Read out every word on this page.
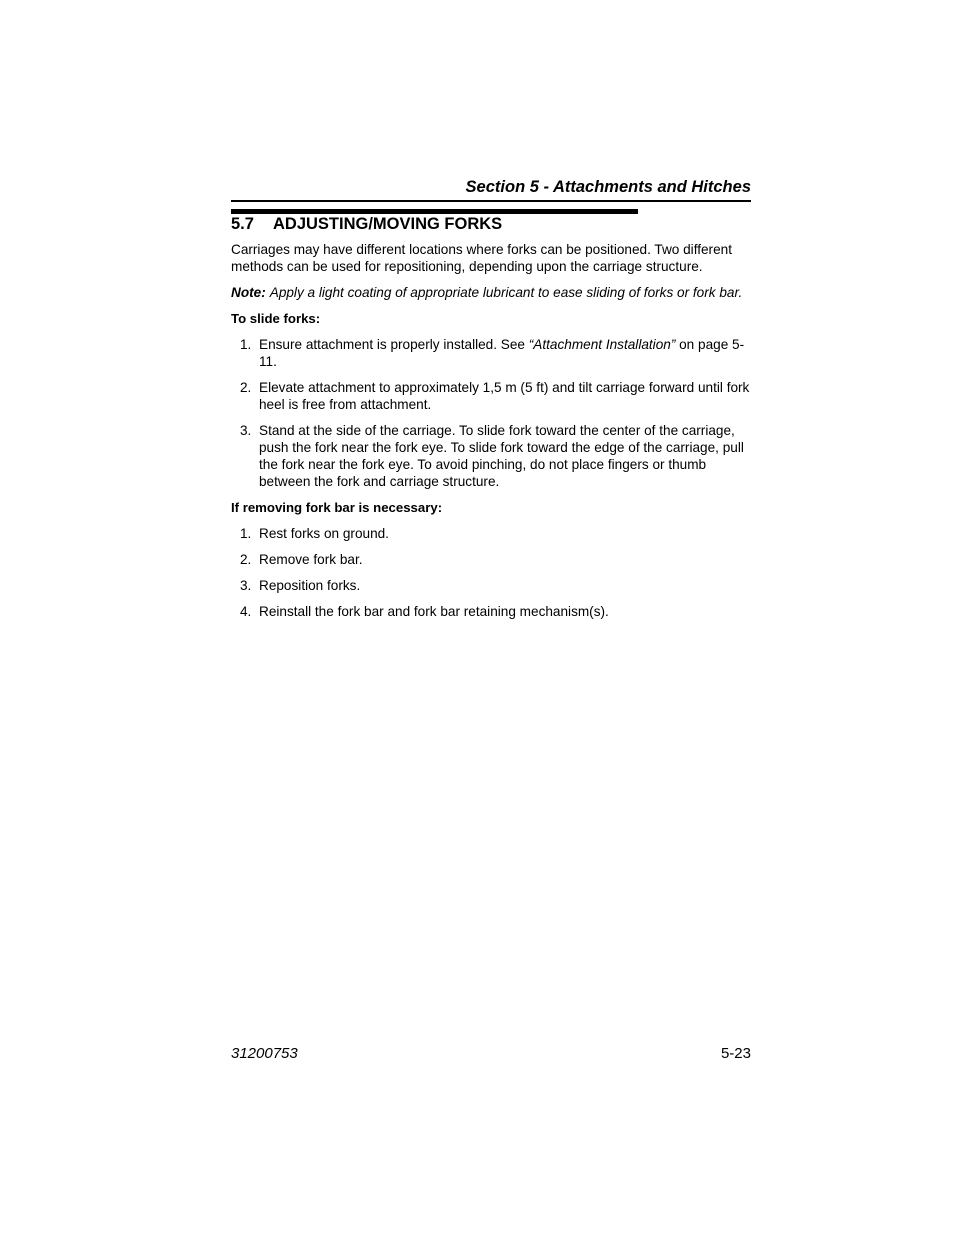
Section 5 - Attachments and Hitches
5.7 ADJUSTING/MOVING FORKS

Carriages may have different locations where forks can be positioned. Two different methods can be used for repositioning, depending upon the carriage structure.

Note: Apply a light coating of appropriate lubricant to ease sliding of forks or fork bar.

To slide forks:
1. Ensure attachment is properly installed. See “Attachment Installation” on page 5-11.
2. Elevate attachment to approximately 1,5 m (5 ft) and tilt carriage forward until fork heel is free from attachment.
3. Stand at the side of the carriage. To slide fork toward the center of the carriage, push the fork near the fork eye. To slide fork toward the edge of the carriage, pull the fork near the fork eye. To avoid pinching, do not place fingers or thumb between the fork and carriage structure.
If removing fork bar is necessary:
1. Rest forks on ground.
2. Remove fork bar.
3. Reposition forks.
4. Reinstall the fork bar and fork bar retaining mechanism(s).
31200753	5-23
